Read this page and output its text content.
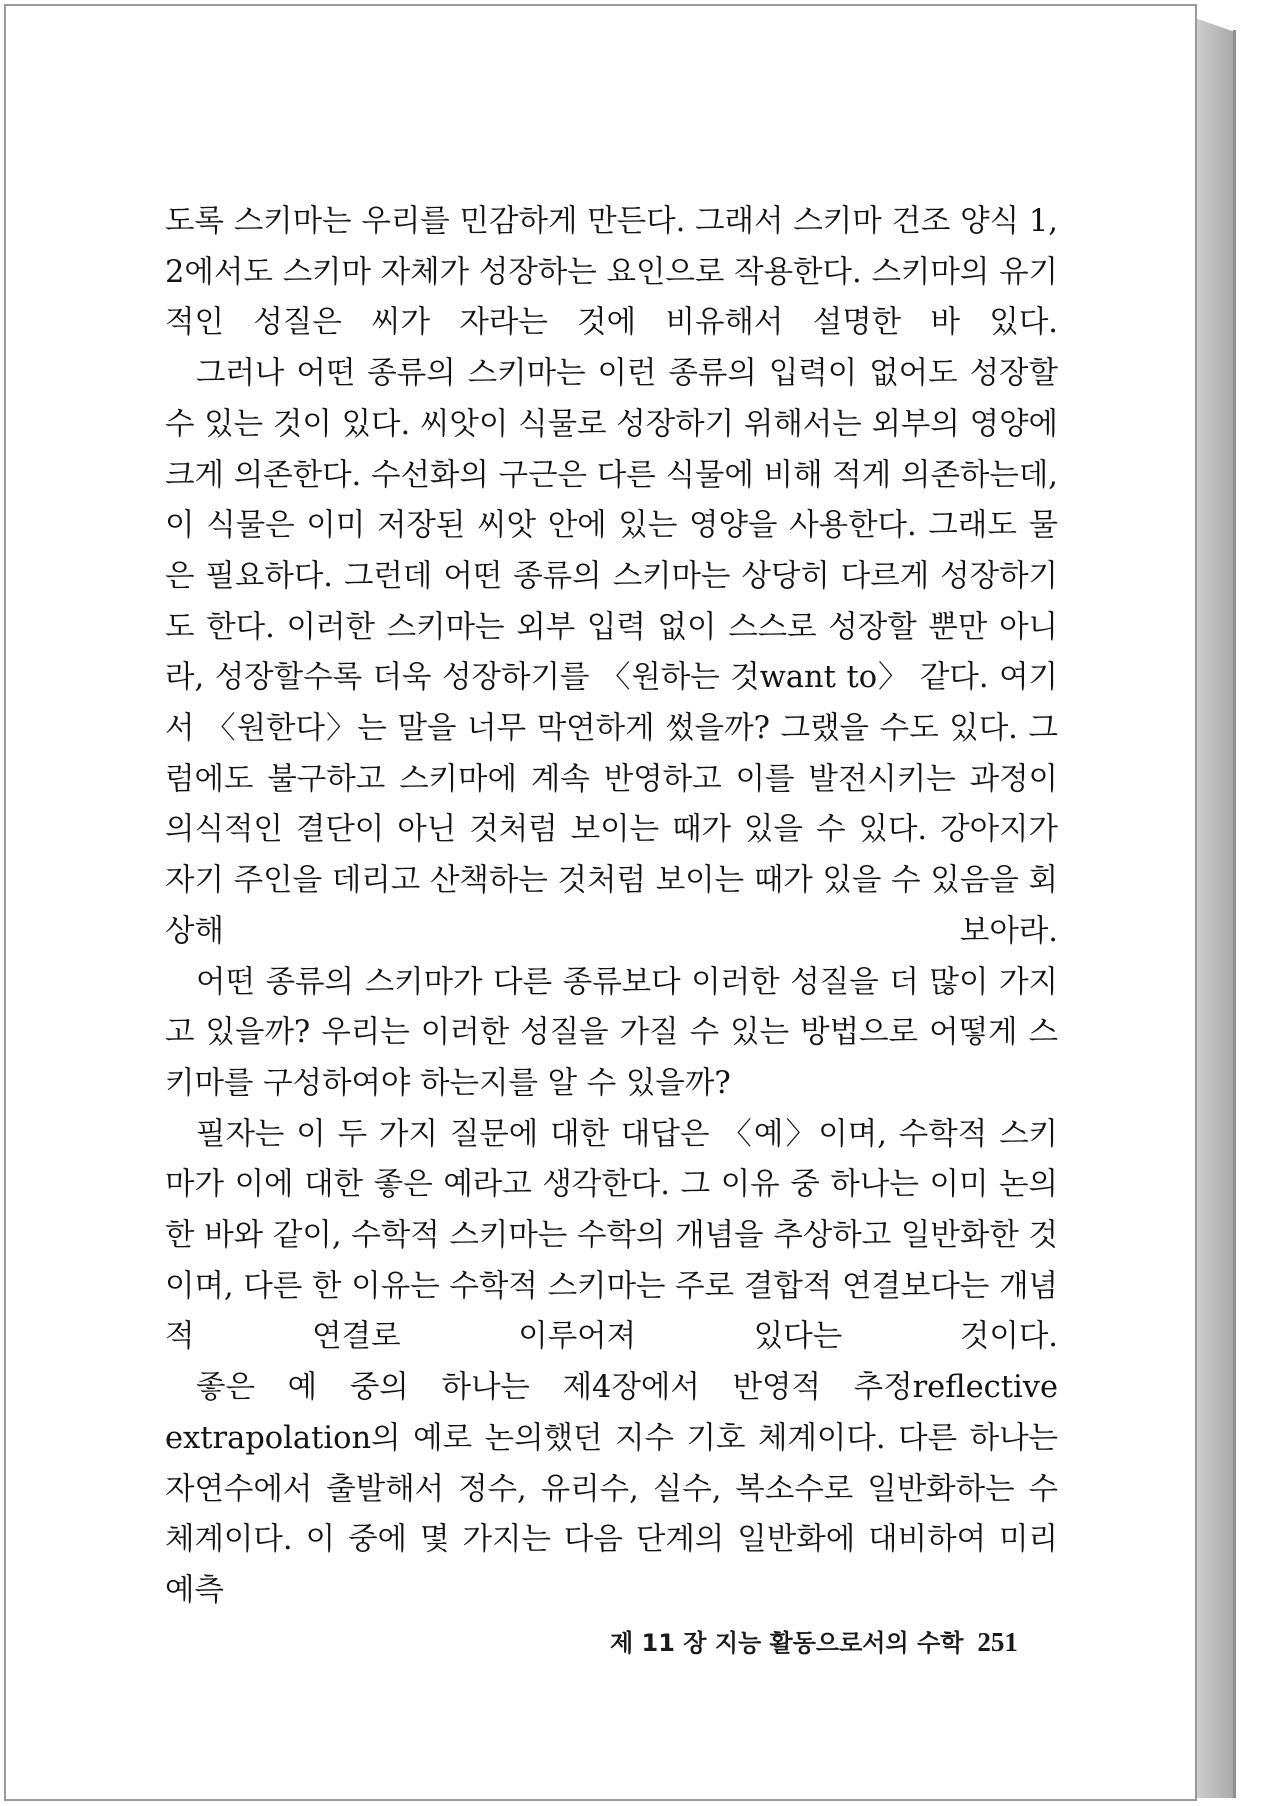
도록 스키마는 우리를 민감하게 만든다. 그래서 스키마 건조 양식 1, 2에서도 스키마 자체가 성장하는 요인으로 작용한다. 스키마의 유기적인 성질은 씨가 자라는 것에 비유해서 설명한 바 있다.

그러나 어떤 종류의 스키마는 이런 종류의 입력이 없어도 성장할 수 있는 것이 있다. 씨앗이 식물로 성장하기 위해서는 외부의 영양에 크게 의존한다. 수선화의 구근은 다른 식물에 비해 적게 의존하는데, 이 식물은 이미 저장된 씨앗 안에 있는 영양을 사용한다. 그래도 물은 필요하다. 그런데 어떤 종류의 스키마는 상당히 다르게 성장하기도 한다. 이러한 스키마는 외부 입력 없이 스스로 성장할 뿐만 아니라, 성장할수록 더욱 성장하기를 〈원하는 것want to〉 같다. 여기서 〈원한다〉는 말을 너무 막연하게 썼을까? 그랬을 수도 있다. 그럼에도 불구하고 스키마에 계속 반영하고 이를 발전시키는 과정이 의식적인 결단이 아닌 것처럼 보이는 때가 있을 수 있다. 강아지가 자기 주인을 데리고 산책하는 것처럼 보이는 때가 있을 수 있음을 회상해 보아라.

어떤 종류의 스키마가 다른 종류보다 이러한 성질을 더 많이 가지고 있을까? 우리는 이러한 성질을 가질 수 있는 방법으로 어떻게 스키마를 구성하여야 하는지를 알 수 있을까?

필자는 이 두 가지 질문에 대한 대답은 〈예〉이며, 수학적 스키마가 이에 대한 좋은 예라고 생각한다. 그 이유 중 하나는 이미 논의한 바와 같이, 수학적 스키마는 수학의 개념을 추상하고 일반화한 것이며, 다른 한 이유는 수학적 스키마는 주로 결합적 연결보다는 개념적 연결로 이루어져 있다는 것이다.

좋은 예 중의 하나는 제4장에서 반영적 추정reflective extrapolation의 예로 논의했던 지수 기호 체계이다. 다른 하나는 자연수에서 출발해서 정수, 유리수, 실수, 복소수로 일반화하는 수 체계이다. 이 중에 몇 가지는 다음 단계의 일반화에 대비하여 미리 예측

제 11 장 지능 활동으로서의 수학 251
